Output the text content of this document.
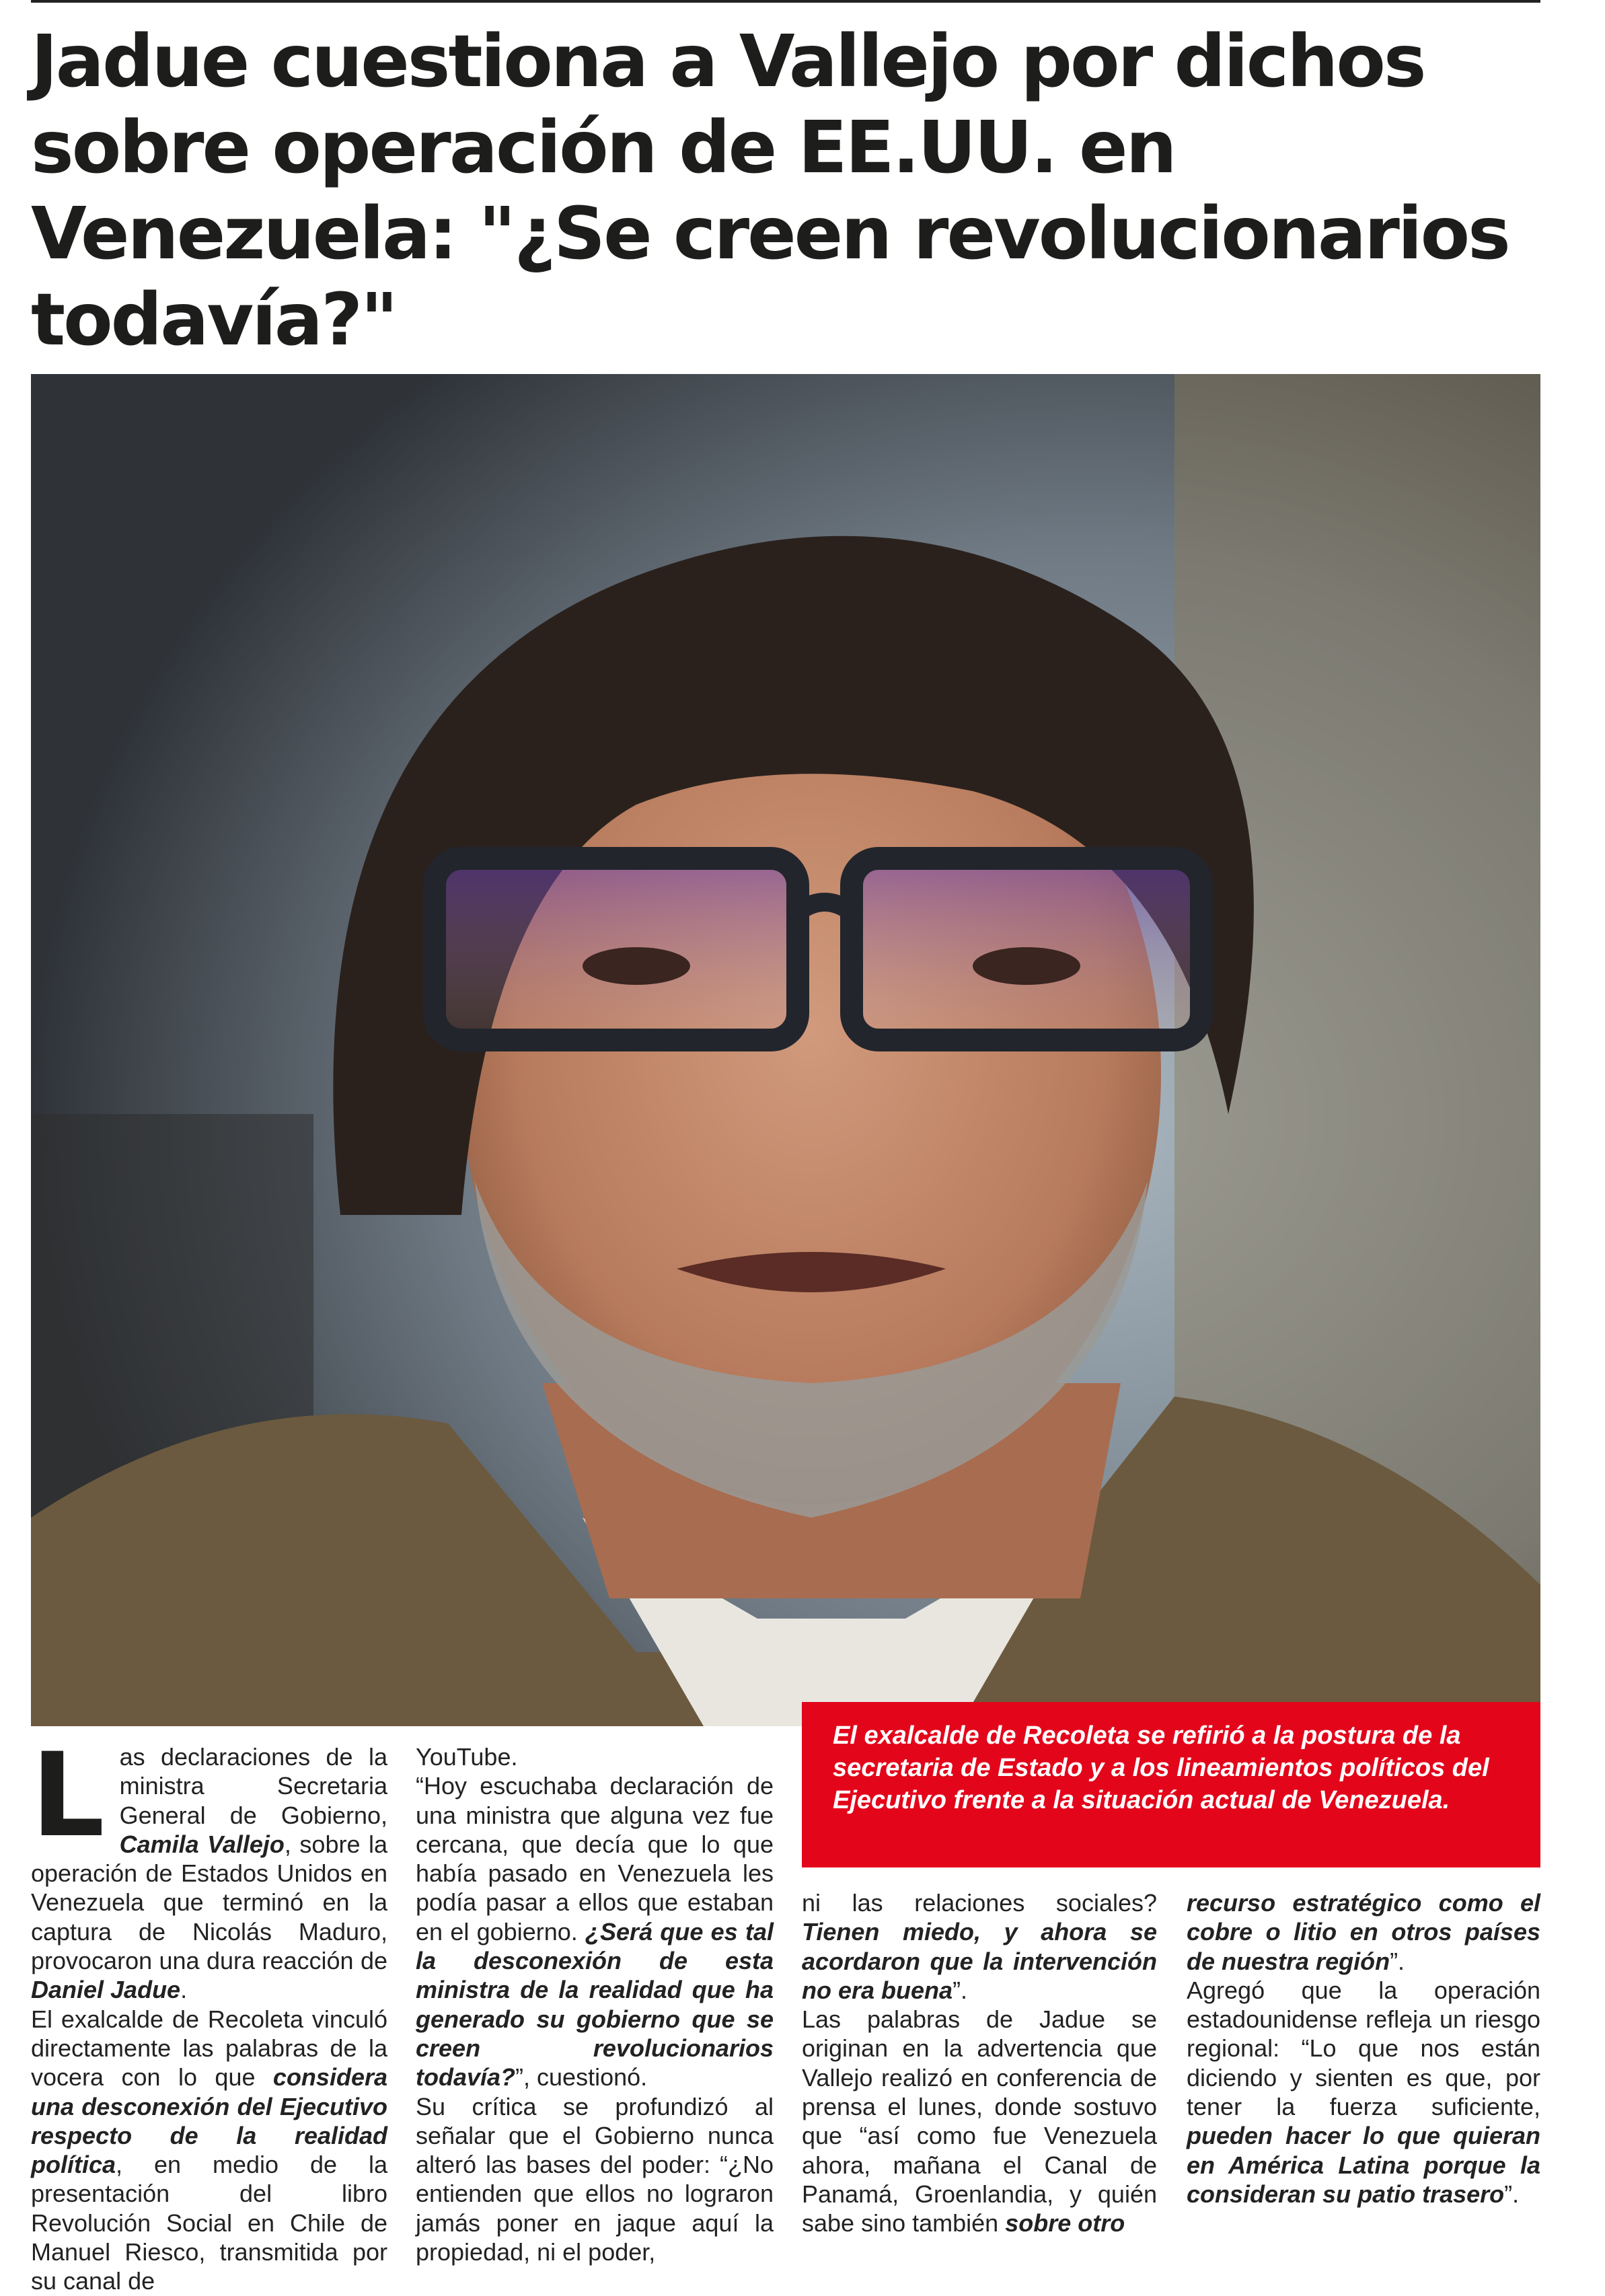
Jadue cuestiona a Vallejo por dichos sobre operación de EE.UU. en Venezuela: "¿Se creen revolucionarios todavía?"

El exalcalde de Recoleta se refirió a la postura de la secretaria de Estado y a los lineamientos políticos del Ejecutivo frente a la situación actual de Venezuela.

Las declaraciones de la ministra Secretaria General de Gobierno, Camila Vallejo, sobre la operación de Estados Unidos en Venezuela que terminó en la captura de Nicolás Maduro, provocaron una dura reacción de Daniel Jadue.

El exalcalde de Recoleta vinculó directamente las palabras de la vocera con lo que considera una desconexión del Ejecutivo respecto de la realidad política, en medio de la presentación del libro Revolución Social en Chile de Manuel Riesco, transmitida por su canal de

YouTube.

“Hoy escuchaba declaración de una ministra que alguna vez fue cercana, que decía que lo que había pasado en Venezuela les podía pasar a ellos que estaban en el gobierno. ¿Será que es tal la desconexión de esta ministra de la realidad que ha generado su gobierno que se creen revolucionarios todavía?”, cuestionó.

Su crítica se profundizó al señalar que el Gobierno nunca alteró las bases del poder: “¿No entienden que ellos no lograron jamás poner en jaque aquí la propiedad, ni el poder,

ni las relaciones sociales? Tienen miedo, y ahora se acordaron que la intervención no era buena”.

Las palabras de Jadue se originan en la advertencia que Vallejo realizó en conferencia de prensa el lunes, donde sostuvo que “así como fue Venezuela ahora, mañana el Canal de Panamá, Groenlandia, y quién sabe sino también sobre otro

recurso estratégico como el cobre o litio en otros países de nuestra región”.

Agregó que la operación estadounidense refleja un riesgo regional: “Lo que nos están diciendo y sienten es que, por tener la fuerza suficiente, pueden hacer lo que quieran en América Latina porque la consideran su patio trasero”.
